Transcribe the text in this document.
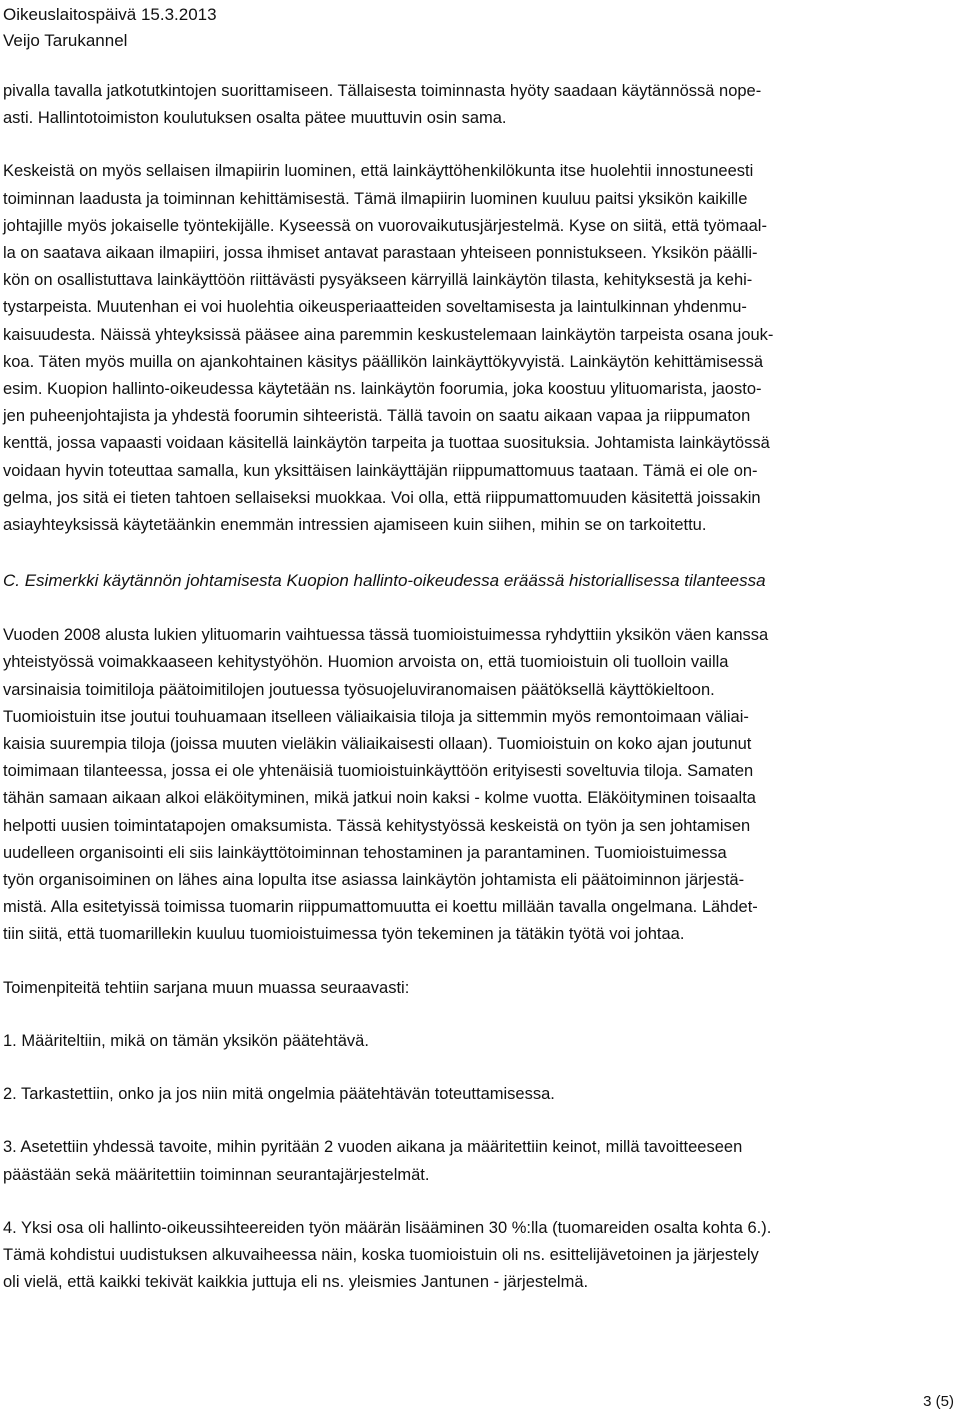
Oikeuslaitospäivä 15.3.2013
Veijo Tarukannel

pivalla tavalla jatkotutkintojen suorittamiseen. Tällaisesta toiminnasta hyöty saadaan käytännössä nope-
asti. Hallintotoimiston koulutuksen osalta pätee muuttuvin osin sama.

Keskeistä on myös sellaisen ilmapiirin luominen, että lainkäyttöhenkilökunta itse huolehtii innostuneesti
toiminnan laadusta ja toiminnan kehittämisestä. Tämä ilmapiirin luominen kuuluu paitsi yksikön kaikille
johtajille myös jokaiselle työntekijälle. Kyseessä on vuorovaikutusjärjestelmä. Kyse on siitä, että työmaal-
la on saatava aikaan ilmapiiri, jossa ihmiset antavat parastaan yhteiseen ponnistukseen. Yksikön päälli-
kön on osallistuttava lainkäyttöön riittävästi pysyäkseen kärryillä lainkäytön tilasta, kehityksestä ja kehi-
tystarpeista. Muutenhan ei voi huolehtia oikeusperiaatteiden soveltamisesta ja laintulkinnan yhdenmu-
kaisuudesta. Näissä yhteyksissä pääsee aina paremmin keskustelemaan lainkäytön tarpeista osana jouk-
koa. Täten myös muilla on ajankohtainen käsitys päällikön lainkäyttökyvyistä. Lainkäytön kehittämisessä
esim. Kuopion hallinto-oikeudessa käytetään ns. lainkäytön foorumia, joka koostuu ylituomarista, jaosto-
jen puheenjohtajista ja yhdestä foorumin sihteeristä. Tällä tavoin on saatu aikaan vapaa ja riippumaton
kenttä, jossa vapaasti voidaan käsitellä lainkäytön tarpeita ja tuottaa suosituksia. Johtamista lainkäytössä
voidaan hyvin toteuttaa samalla, kun yksittäisen lainkäyttäjän riippumattomuus taataan. Tämä ei ole on-
gelma, jos sitä ei tieten tahtoen sellaiseksi muokkaa. Voi olla, että riippumattomuuden käsitettä joissakin
asiayhteyksissä käytetäänkin enemmän intressien ajamiseen kuin siihen, mihin se on tarkoitettu.

C. Esimerkki käytännön johtamisesta Kuopion hallinto-oikeudessa eräässä historiallisessa tilanteessa

Vuoden 2008 alusta lukien ylituomarin vaihtuessa tässä tuomioistuimessa ryhdyttiin yksikön väen kanssa
yhteistyössä voimakkaaseen kehitystyöhön. Huomion arvoista on, että tuomioistuin oli tuolloin vailla
varsinaisia toimitiloja päätoimitilojen joutuessa työsuojeluviranomaisen päätöksellä käyttökieltoon.
Tuomioistuin itse joutui touhuamaan itselleen väliaikaisia tiloja ja sittemmin myös remontoimaan väliai-
kaisia suurempia tiloja (joissa muuten vieläkin väliaikaisesti ollaan). Tuomioistuin on koko ajan joutunut
toimimaan tilanteessa, jossa ei ole yhtenäisiä tuomioistuinkäyttöön erityisesti soveltuvia tiloja. Samaten
tähän samaan aikaan alkoi eläköityminen, mikä jatkui noin kaksi - kolme vuotta. Eläköityminen toisaalta
helpotti uusien toimintatapojen omaksumista. Tässä kehitystyössä keskeistä on työn ja sen johtamisen
uudelleen organisointi eli siis lainkäyttötoiminnan tehostaminen ja parantaminen. Tuomioistuimessa
työn organisoiminen on lähes aina lopulta itse asiassa lainkäytön johtamista eli päätoiminnon järjestä-
mistä. Alla esitetyissä toimissa tuomarin riippumattomuutta ei koettu millään tavalla ongelmana. Lähdet-
tiin siitä, että tuomarillekin kuuluu tuomioistuimessa työn tekeminen ja tätäkin työtä voi johtaa.

Toimenpiteitä tehtiin sarjana muun muassa seuraavasti:

1. Määriteltiin, mikä on tämän yksikön päätehtävä.

2. Tarkastettiin, onko ja jos niin mitä ongelmia päätehtävän toteuttamisessa.

3. Asetettiin yhdessä tavoite, mihin pyritään 2 vuoden aikana ja määritettiin keinot, millä tavoitteeseen
päästään sekä määritettiin toiminnan seurantajärjestelmät.

4. Yksi osa oli hallinto-oikeussihteereiden työn määrän lisääminen 30 %:lla (tuomareiden osalta kohta 6.).
Tämä kohdistui uudistuksen alkuvaiheessa näin, koska tuomioistuin oli ns. esittelijävetoinen ja järjestely
oli vielä, että kaikki tekivät kaikkia juttuja eli ns. yleismies Jantunen - järjestelmä.

3 (5)
